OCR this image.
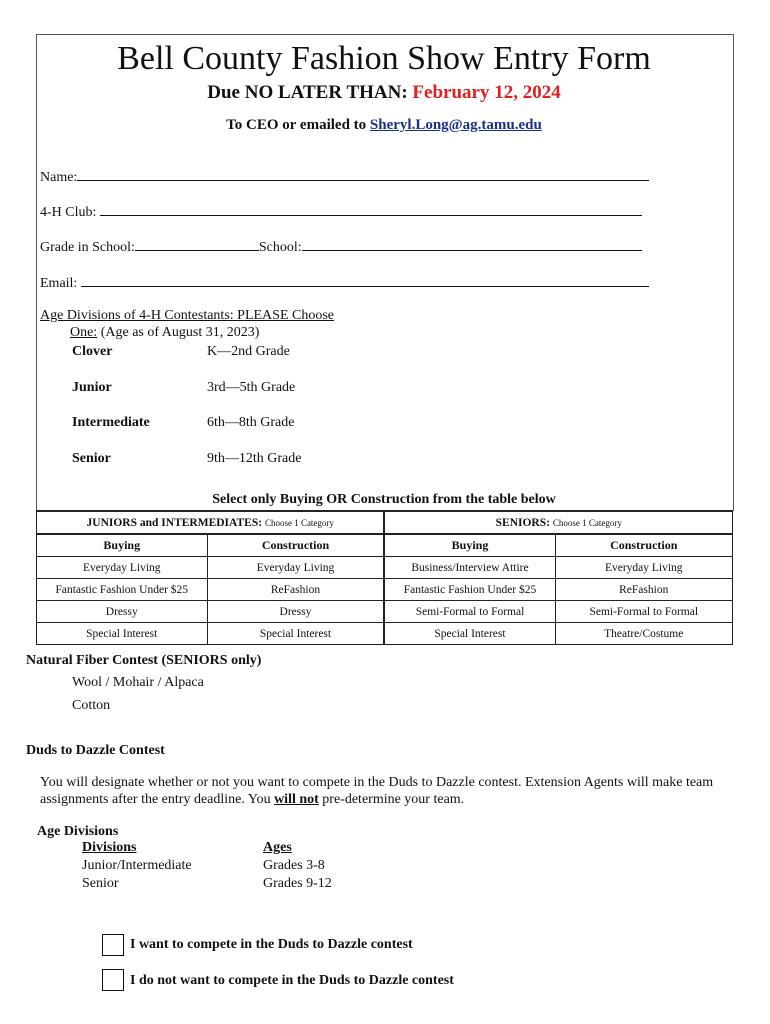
Bell County Fashion Show Entry Form
Due NO LATER THAN: February 12, 2024
To CEO or emailed to Sheryl.Long@ag.tamu.edu
Name:
4-H Club:
Grade in School:	School:
Email:
Age Divisions of 4-H Contestants: PLEASE Choose
One: (Age as of August 31, 2023)
Clover	K—2nd Grade
Junior	3rd—5th Grade
Intermediate	6th—8th Grade
Senior	9th—12th Grade
Select only Buying OR Construction from the table below
JUNIORS and INTERMEDIATES: Choose 1 Category		SENIORS: Choose 1 Category	
Buying	Construction	Buying	Construction
Everyday Living	Everyday Living	Business/Interview Attire	Everyday Living
Fantastic Fashion Under $25	ReFashion	Fantastic Fashion Under $25	ReFashion
Dressy	Dressy	Semi-Formal to Formal	Semi-Formal to Formal
Special Interest	Special Interest	Special Interest	Theatre/Costume
Natural Fiber Contest (SENIORS only)
Wool / Mohair / Alpaca
Cotton
Duds to Dazzle Contest
You will designate whether or not you want to compete in the Duds to Dazzle contest. Extension Agents will make team assignments after the entry deadline. You will not pre-determine your team.
Age Divisions
Divisions	Ages
Junior/Intermediate	Grades 3-8
Senior	Grades 9-12
I want to compete in the Duds to Dazzle contest
I do not want to compete in the Duds to Dazzle contest
